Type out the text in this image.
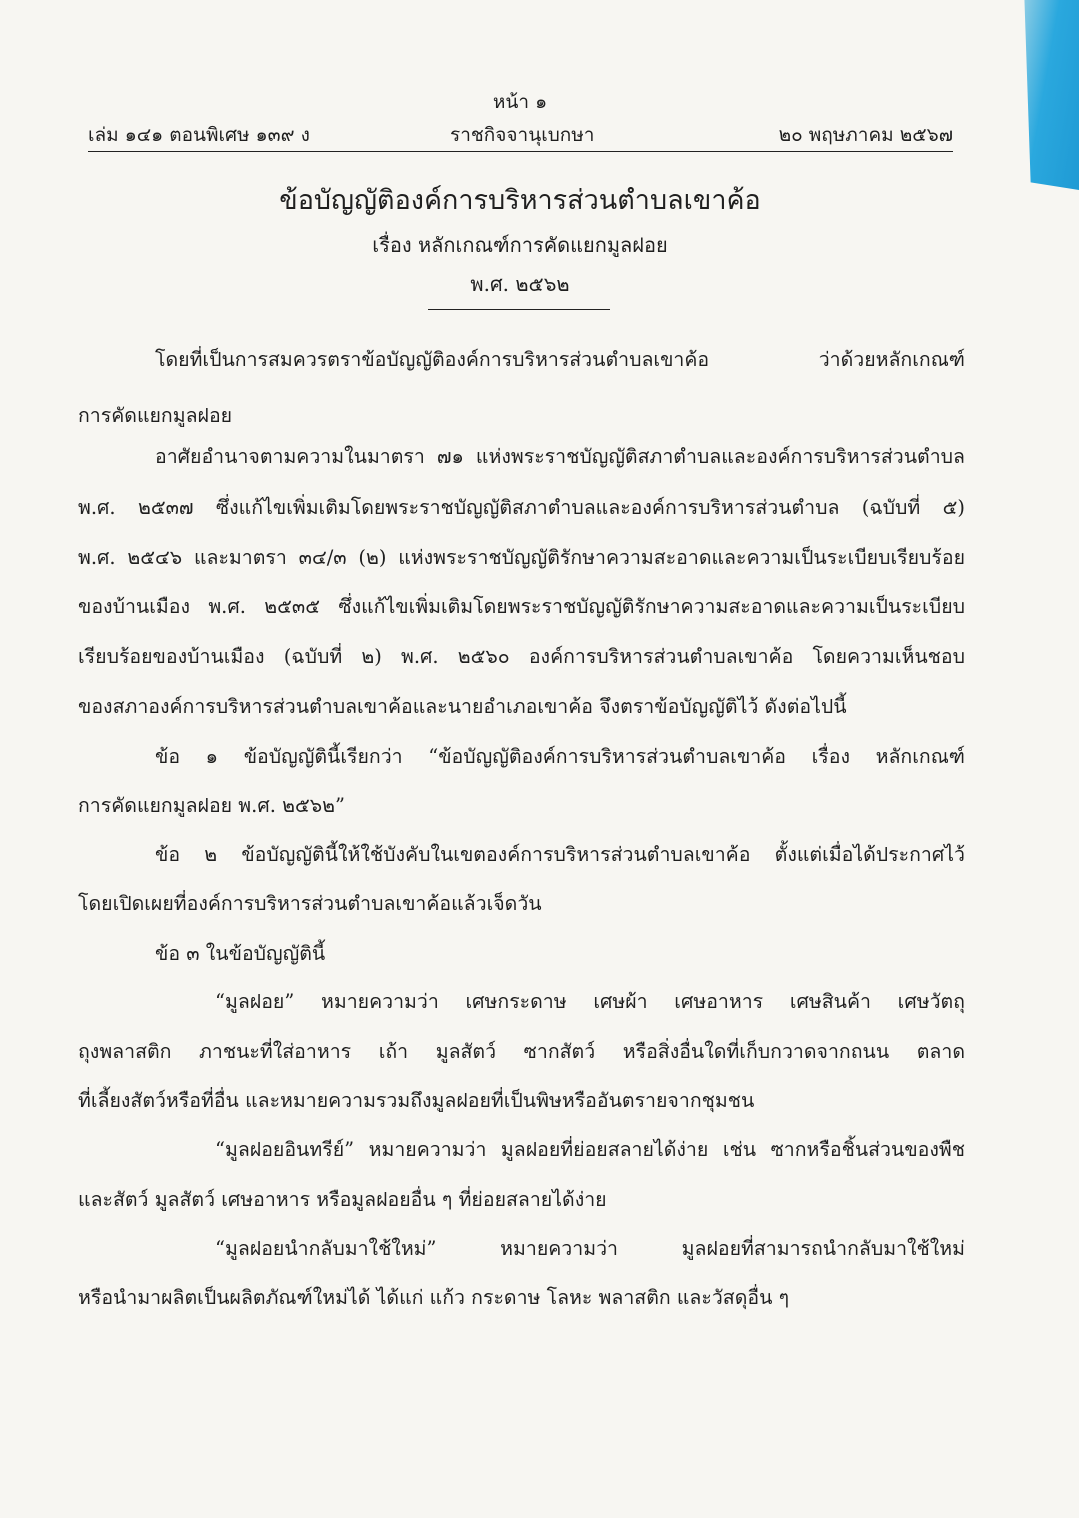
หน้า ๑
เล่ม ๑๔๑ ตอนพิเศษ ๑๓๙ ง	ราชกิจจานุเบกษา	๒๐ พฤษภาคม ๒๕๖๗
ข้อบัญญัติองค์การบริหารส่วนตำบลเขาค้อ
เรื่อง หลักเกณฑ์การคัดแยกมูลฝอย
พ.ศ. ๒๕๖๒
โดยที่เป็นการสมควรตราข้อบัญญัติองค์การบริหารส่วนตำบลเขาค้อ ว่าด้วยหลักเกณฑ์
การคัดแยกมูลฝอย
อาศัยอำนาจตามความในมาตรา ๗๑ แห่งพระราชบัญญัติสภาตำบลและองค์การบริหารส่วนตำบล
พ.ศ. ๒๕๓๗ ซึ่งแก้ไขเพิ่มเติมโดยพระราชบัญญัติสภาตำบลและองค์การบริหารส่วนตำบล (ฉบับที่ ๕)
พ.ศ. ๒๕๔๖ และมาตรา ๓๔/๓ (๒) แห่งพระราชบัญญัติรักษาความสะอาดและความเป็นระเบียบเรียบร้อย
ของบ้านเมือง พ.ศ. ๒๕๓๕ ซึ่งแก้ไขเพิ่มเติมโดยพระราชบัญญัติรักษาความสะอาดและความเป็นระเบียบ
เรียบร้อยของบ้านเมือง (ฉบับที่ ๒) พ.ศ. ๒๕๖๐ องค์การบริหารส่วนตำบลเขาค้อ โดยความเห็นชอบ
ของสภาองค์การบริหารส่วนตำบลเขาค้อและนายอำเภอเขาค้อ จึงตราข้อบัญญัติไว้ ดังต่อไปนี้
ข้อ ๑ ข้อบัญญัตินี้เรียกว่า “ข้อบัญญัติองค์การบริหารส่วนตำบลเขาค้อ เรื่อง หลักเกณฑ์
การคัดแยกมูลฝอย พ.ศ. ๒๕๖๒”
ข้อ ๒ ข้อบัญญัตินี้ให้ใช้บังคับในเขตองค์การบริหารส่วนตำบลเขาค้อ ตั้งแต่เมื่อได้ประกาศไว้
โดยเปิดเผยที่องค์การบริหารส่วนตำบลเขาค้อแล้วเจ็ดวัน
ข้อ ๓ ในข้อบัญญัตินี้
“มูลฝอย” หมายความว่า เศษกระดาษ เศษผ้า เศษอาหาร เศษสินค้า เศษวัตถุ
ถุงพลาสติก ภาชนะที่ใส่อาหาร เถ้า มูลสัตว์ ซากสัตว์ หรือสิ่งอื่นใดที่เก็บกวาดจากถนน ตลาด
ที่เลี้ยงสัตว์หรือที่อื่น และหมายความรวมถึงมูลฝอยที่เป็นพิษหรืออันตรายจากชุมชน
“มูลฝอยอินทรีย์” หมายความว่า มูลฝอยที่ย่อยสลายได้ง่าย เช่น ซากหรือชิ้นส่วนของพืช
และสัตว์ มูลสัตว์ เศษอาหาร หรือมูลฝอยอื่น ๆ ที่ย่อยสลายได้ง่าย
“มูลฝอยนำกลับมาใช้ใหม่” หมายความว่า มูลฝอยที่สามารถนำกลับมาใช้ใหม่
หรือนำมาผลิตเป็นผลิตภัณฑ์ใหม่ได้ ได้แก่ แก้ว กระดาษ โลหะ พลาสติก และวัสดุอื่น ๆ
